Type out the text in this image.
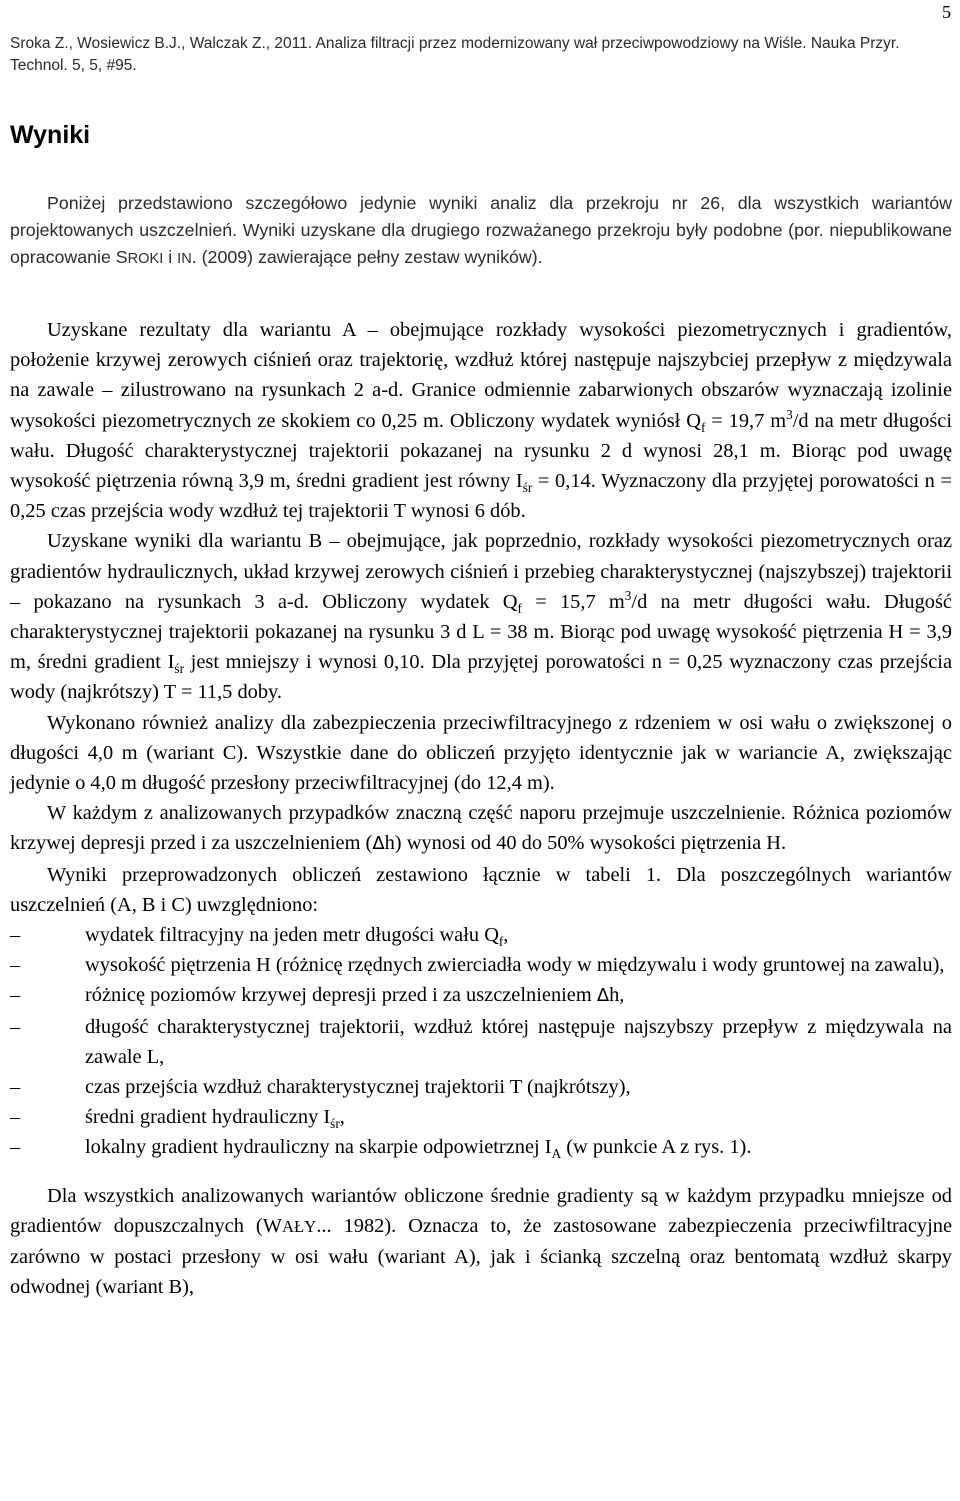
5
Sroka Z., Wosiewicz B.J., Walczak Z., 2011. Analiza filtracji przez modernizowany wał przeciwpowodziowy na Wiśle. Nauka Przyr. Technol. 5, 5, #95.
Wyniki

Poniżej przedstawiono szczegółowo jedynie wyniki analiz dla przekroju nr 26, dla wszystkich wariantów projektowanych uszczelnień. Wyniki uzyskane dla drugiego rozważanego przekroju były podobne (por. niepublikowane opracowanie SROKI i IN. (2009) zawierające pełny zestaw wyników).

Uzyskane rezultaty dla wariantu A – obejmujące rozkłady wysokości piezometrycznych i gradientów, położenie krzywej zerowych ciśnień oraz trajektorię, wzdłuż której następuje najszybciej przepływ z międzywala na zawale – zilustrowano na rysunkach 2 a-d. Granice odmiennie zabarwionych obszarów wyznaczają izolinie wysokości piezometrycznych ze skokiem co 0,25 m. Obliczony wydatek wyniósł $Q_f = 19,7$ $m^3/d$ na metr długości wału. Długość charakterystycznej trajektorii pokazanej na rysunku 2 d wynosi 28,1 m. Biorąc pod uwagę wysokość piętrzenia równą 3,9 m, średni gradient jest równy $I_{śr} = 0,14$. Wyznaczony dla przyjętej porowatości n = 0,25 czas przejścia wody wzdłuż tej trajektorii T wynosi 6 dób.

Uzyskane wyniki dla wariantu B – obejmujące, jak poprzednio, rozkłady wysokości piezometrycznych oraz gradientów hydraulicznych, układ krzywej zerowych ciśnień i przebieg charakterystycznej (najszybszej) trajektorii – pokazano na rysunkach 3 a-d. Obliczony wydatek $Q_f = 15,7$ $m^3/d$ na metr długości wału. Długość charakterystycznej trajektorii pokazanej na rysunku 3 d L = 38 m. Biorąc pod uwagę wysokość piętrzenia H = 3,9 m, średni gradient $I_{śr}$ jest mniejszy i wynosi 0,10. Dla przyjętej porowatości n = 0,25 wyznaczony czas przejścia wody (najkrótszy) T = 11,5 doby.

Wykonano również analizy dla zabezpieczenia przeciwfiltracyjnego z rdzeniem w osi wału o zwiększonej o długości 4,0 m (wariant C). Wszystkie dane do obliczeń przyjęto identycznie jak w wariancie A, zwiększając jedynie o 4,0 m długość przesłony przeciwfiltracyjnej (do 12,4 m).

W każdym z analizowanych przypadków znaczną część naporu przejmuje uszczelnienie. Różnica poziomów krzywej depresji przed i za uszczelnieniem (Δh) wynosi od 40 do 50% wysokości piętrzenia H.

Wyniki przeprowadzonych obliczeń zestawiono łącznie w tabeli 1. Dla poszczególnych wariantów uszczelnień (A, B i C) uwzględniono:

–	wydatek filtracyjny na jeden metr długości wału $Q_f$,
–	wysokość piętrzenia H (różnicę rzędnych zwierciadła wody w międzywalu i wody gruntowej na zawalu),
–	różnicę poziomów krzywej depresji przed i za uszczelnieniem Δh,
–	długość charakterystycznej trajektorii, wzdłuż której następuje najszybszy przepływ z międzywala na zawale L,
–	czas przejścia wzdłuż charakterystycznej trajektorii T (najkrótszy),
–	średni gradient hydrauliczny $I_{śr}$,
–	lokalny gradient hydrauliczny na skarpie odpowietrznej $I_A$ (w punkcie A z rys. 1).

Dla wszystkich analizowanych wariantów obliczone średnie gradienty są w każdym przypadku mniejsze od gradientów dopuszczalnych (WAŁY... 1982). Oznacza to, że zastosowane zabezpieczenia przeciwfiltracyjne zarówno w postaci przesłony w osi wału (wariant A), jak i ścianką szczelną oraz bentomatą wzdłuż skarpy odwodnej (wariant B),
